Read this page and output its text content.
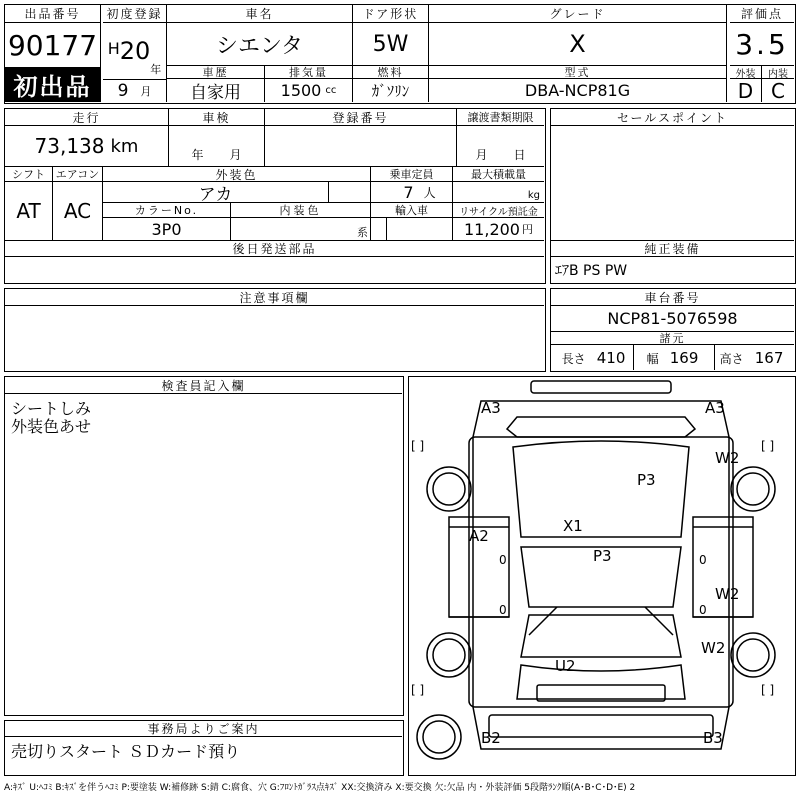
出品番号
90177
初出品
初度登録
H 20
年
9 月
車名
シエンタ
ドア形状
5W
グレード
X
評価点
3.5
外装	内装
D C
車歴
自家用
排気量
1500 cc
燃料
ｶﾞｿﾘﾝ
型式
DBA-NCP81G
走行
73,138 km
車検
年 月
登録番号	譲渡書類期限
月 日
シフト
AT
エアコン
AC
外装色
アカ
乗車定員
7 人
最大積載量
kg
カラーNo.
3P0
内装色
系
輸入車	リサイクル預託金
11,200 円
後日発送部品
セールスポイント
純正装備
ｴｱB PS PW
注意事項欄	車台番号
NCP81-5076598
諸元
長さ 410 幅 169 高さ 167
検査員記入欄
シートしみ
外装色あせ
事務局よりご案内
売切りスタート ＳＤカード預り
A3	A3
W2
P3
A2
X1
P3
W2
W2
U2
B2	B3
[ ]	[ ]
[ ]	[ ]
0
0
0
0
A:ｷｽﾞ U:ﾍｺﾐ B:ｷｽﾞを伴うﾍｺﾐ P:要塗装 W:補修跡 S:錆 C:腐食、穴 G:ﾌﾛﾝﾄｶﾞﾗｽ点ｷｽﾞ XX:交換済み X:要交換 欠:欠品 内・外装評価 5段階ﾗﾝｸ順(A･B･C･D･E) 2
